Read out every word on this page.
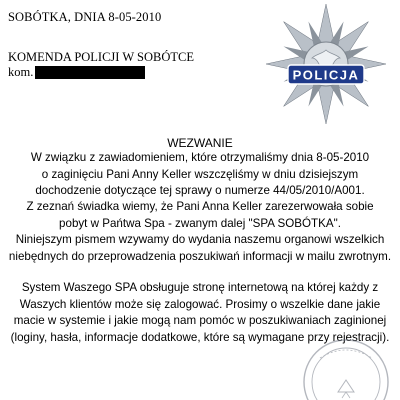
SOBÓTKA, DNIA 8-05-2010
KOMENDA POLICJI W SOBÓTCE
kom.	POLICJA
WEZWANIE
W związku z zawiadomieniem, które otrzymaliśmy dnia 8-05-2010
o zaginięciu Pani Anny Keller wszczęliśmy w dniu dzisiejszym
dochodzenie dotyczące tej sprawy o numerze 44/05/2010/A001.
Z zeznań świadka wiemy, że Pani Anna Keller zarezerwowała sobie
pobyt w Pańtwa Spa - zwanym dalej "SPA SOBÓTKA".
Niniejszym pismem wzywamy do wydania naszemu organowi wszelkich
niebędnych do przeprowadzenia poszukiwań informacji w mailu zwrotnym.
System Waszego SPA obsługuje stronę internetową na której każdy z
Waszych klientów może się zalogować. Prosimy o wszelkie dane jakie
macie w systemie i jakie mogą nam pomóc w poszukiwaniach zaginionej
(loginy, hasła, informacje dodatkowe, które są wymagane przy rejestracji).
